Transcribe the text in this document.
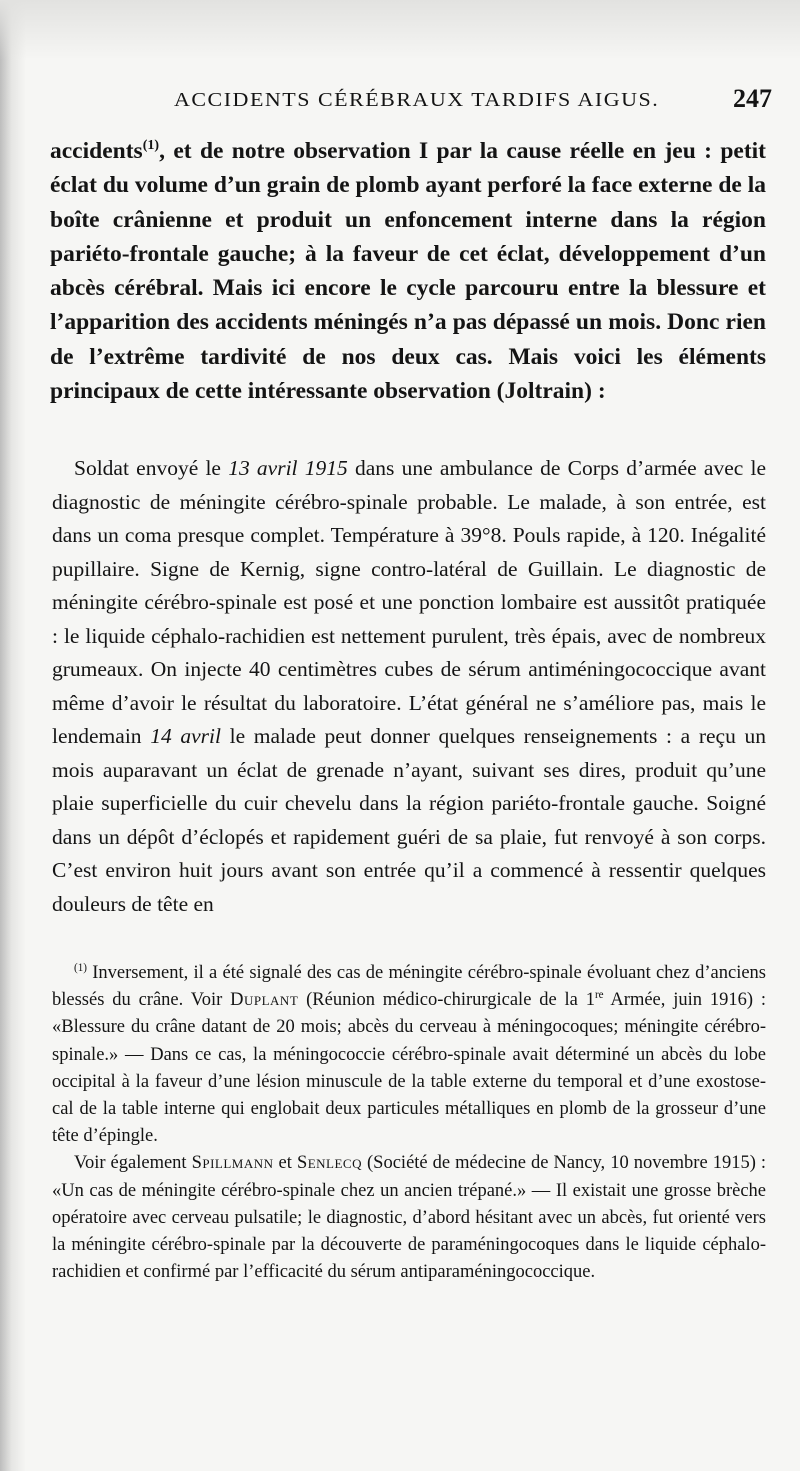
ACCIDENTS CÉRÉBRAUX TARDIFS AIGUS.	247

accidents$^{(1)}$, et de notre observation I par la cause réelle en jeu : petit éclat du volume d’un grain de plomb ayant perforé la face externe de la boîte crânienne et produit un enfoncement interne dans la région pariéto-frontale gauche; à la faveur de cet éclat, développement d’un abcès cérébral. Mais ici encore le cycle parcouru entre la blessure et l’apparition des accidents méningés n’a pas dépassé un mois. Donc rien de l’extrême tardivité de nos deux cas. Mais voici les éléments principaux de cette intéressante observation (Joltrain) :

Soldat envoyé le 13 avril 1915 dans une ambulance de Corps d’armée avec le diagnostic de méningite cérébro-spinale probable. Le malade, à son entrée, est dans un coma presque complet. Température à 39°8. Pouls rapide, à 120. Inégalité pupillaire. Signe de Kernig, signe contro-latéral de Guillain. Le diagnostic de méningite cérébro-spinale est posé et une ponction lombaire est aussitôt pratiquée : le liquide céphalo-rachidien est nettement purulent, très épais, avec de nombreux grumeaux. On injecte 40 centimètres cubes de sérum antiméningococcique avant même d’avoir le résultat du laboratoire. L’état général ne s’améliore pas, mais le lendemain 14 avril le malade peut donner quelques renseignements : a reçu un mois auparavant un éclat de grenade n’ayant, suivant ses dires, produit qu’une plaie superficielle du cuir chevelu dans la région pariéto-frontale gauche. Soigné dans un dépôt d’éclopés et rapidement guéri de sa plaie, fut renvoyé à son corps. C’est environ huit jours avant son entrée qu’il a commencé à ressentir quelques douleurs de tête en

$^{(1)}$ Inversement, il a été signalé des cas de méningite cérébro-spinale évoluant chez d’anciens blessés du crâne. Voir Duplant (Réunion médico-chirurgicale de la 1re Armée, juin 1916) : «Blessure du crâne datant de 20 mois; abcès du cerveau à méningocoques; méningite cérébro-spinale.» — Dans ce cas, la méningococcie cérébro-spinale avait déterminé un abcès du lobe occipital à la faveur d’une lésion minuscule de la table externe du temporal et d’une exostose-cal de la table interne qui englobait deux particules métalliques en plomb de la grosseur d’une tête d’épingle.

Voir également Spillmann et Senlecq (Société de médecine de Nancy, 10 novembre 1915) : «Un cas de méningite cérébro-spinale chez un ancien trépané.» — Il existait une grosse brèche opératoire avec cerveau pulsatile; le diagnostic, d’abord hésitant avec un abcès, fut orienté vers la méningite cérébro-spinale par la découverte de paraméningocoques dans le liquide céphalo-rachidien et confirmé par l’efficacité du sérum antiparaméningococcique.
